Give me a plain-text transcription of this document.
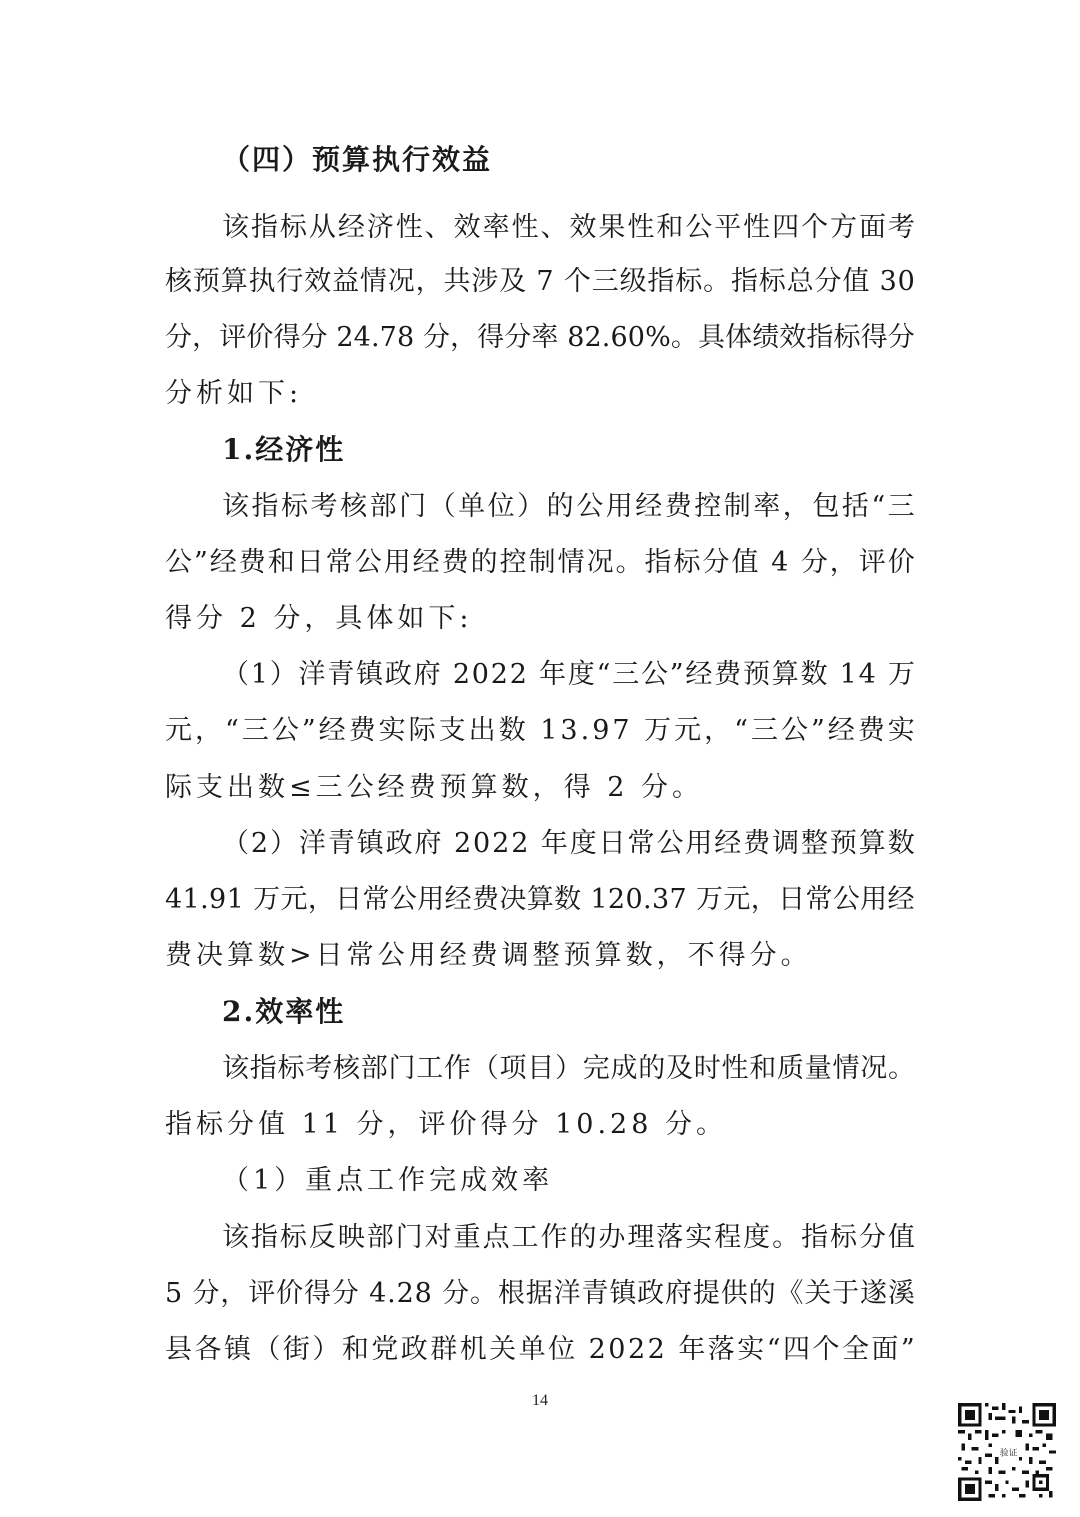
（四）预算执行效益
该 指 标 从 经 济 性 、 效 率 性 、 效 果 性 和 公 平 性 四 个 方 面 考
核 预 算 执 行 效 益 情 况 ， 共 涉 及
7
个 三 级 指 标 。 指 标 总 分 值
3 0
分 ， 评 价 得 分
2 4 . 7 8
分 ， 得 分 率
8 2 . 6 0 % 。 具 体 绩 效 指 标 得 分
分析如下:
1.经济性
该 指 标 考 核 部 门 （ 单 位 ） 的 公 用 经 费 控 制 率 ， 包 括 “ 三
公 ” 经 费 和 日 常 公 用 经 费 的 控 制 情 况 。 指 标 分 值
4
分 ， 评 价
得分 2 分，具体如下:
（ 1 ） 洋 青 镇 政 府
2 0 2 2
年 度 “ 三 公 ” 经 费 预 算 数
1 4
万
元 ， “ 三 公 ” 经 费 实 际 支 出 数
1 3 . 9 7
万 元 ， “ 三 公 ” 经 费 实
际支出数≤三公经费预算数，得 2 分。
（ 2 ） 洋 青 镇 政 府
2 0 2 2
年 度 日 常 公 用 经 费 调 整 预 算 数
4 1 . 9 1
万 元 ， 日 常 公 用 经 费 决 算 数
1 2 0 . 3 7
万 元 ， 日 常 公 用 经
费决算数>日常公用经费调整预算数，不得分。
2.效率性
该 指 标 考 核 部 门 工 作 （ 项 目 ） 完 成 的 及 时 性 和 质 量 情 况 。
指标分值 11 分，评价得分 10.28 分。
（1）重点工作完成效率
该 指 标 反 映 部 门 对 重 点 工 作 的 办 理 落 实 程 度 。 指 标 分 值
5
分 ， 评 价 得 分
4 . 2 8
分 。 根 据 洋 青 镇 政 府 提 供 的 《 关 于 遂 溪
县 各 镇 （ 街 ） 和 党 政 群 机 关 单 位
2 0 2 2
年 落 实 “ 四 个 全 面 ”
14
验证
